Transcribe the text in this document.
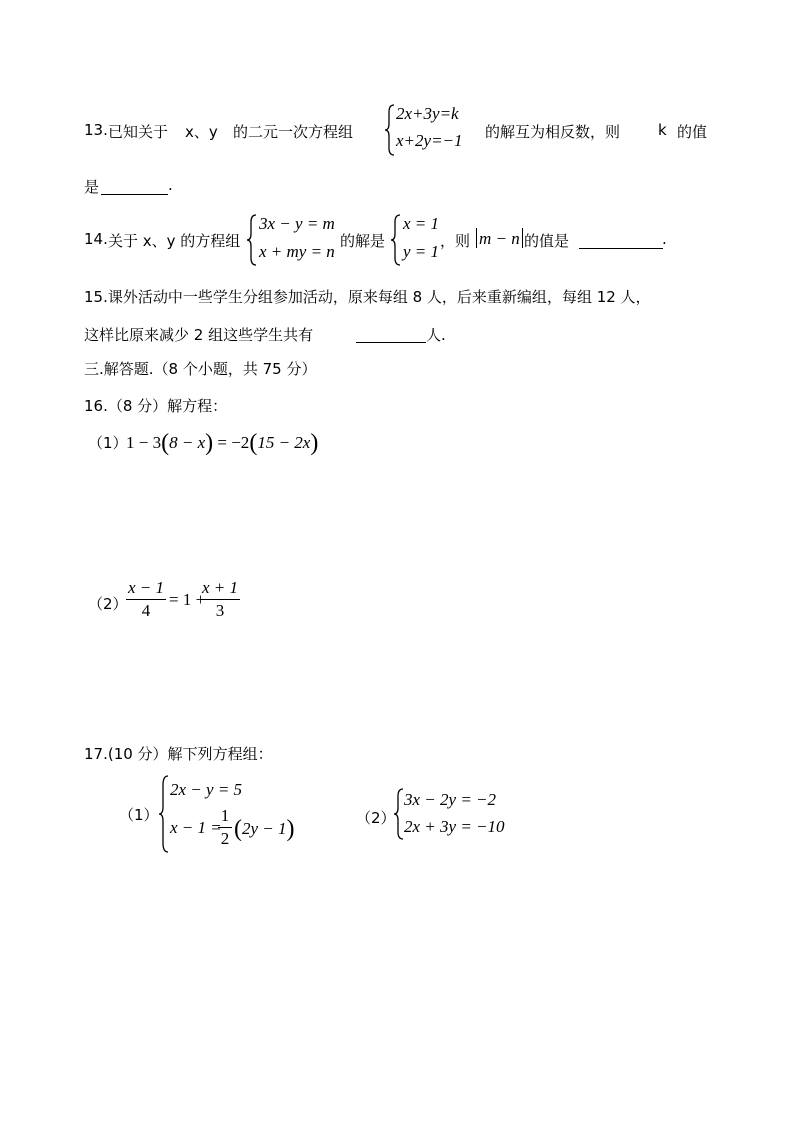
13. 已知关于 x、y 的二元一次方程组
2x+3y=k
x+2y=−1 的解互为相反数，则	k 的值
是	.
14. 关于 x、y 的方程组
3x − y = m
x + my = n
的解是
x = 1
y = 1
，则 m − n 的值是	.
15.课外活动中一些学生分组参加活动，原来每组 8 人，后来重新编组，每组 12 人，
这样比原来减少 2 组这些学生共有	人.
三.解答题.（8 个小题，共 75 分）
16.（8 分）解方程：
（1）
1 − 3(8 − x) = −2(15 − 2x)
（2）
x − 1
4
= 1 +
x + 1
3
17.(10 分）解下列方程组：
（1）
2x − y = 5
x − 1 =
1
2 (2y − 1)	（2）
3x − 2y = −2
2x + 3y = −10
